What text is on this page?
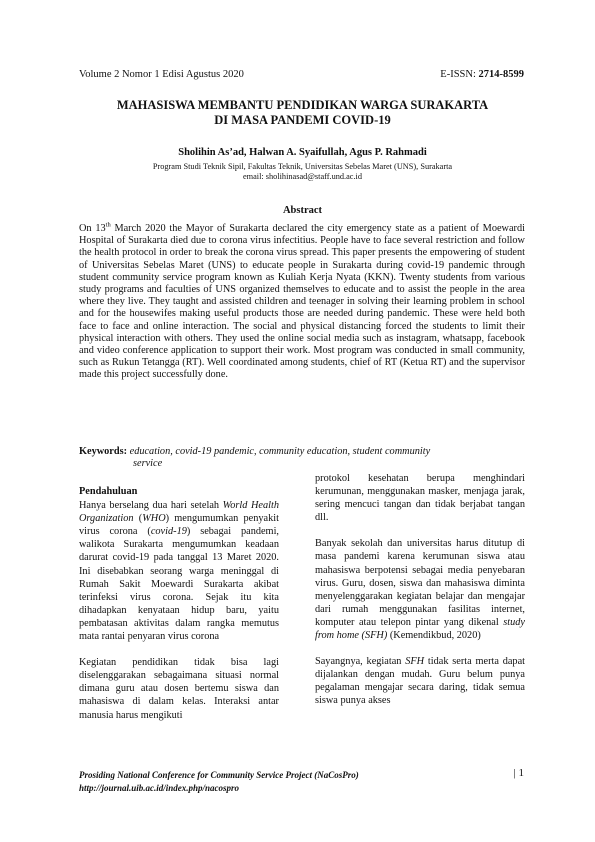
Volume 2 Nomor 1 Edisi Agustus 2020	E-ISSN: 2714-8599
MAHASISWA MEMBANTU PENDIDIKAN WARGA SURAKARTA
DI MASA PANDEMI COVID-19
Sholihin As’ad, Halwan A. Syaifullah, Agus P. Rahmadi
Program Studi Teknik Sipil, Fakultas Teknik, Universitas Sebelas Maret (UNS), Surakarta
email: sholihinasad@staff.und.ac.id
Abstract
On 13th March 2020 the Mayor of Surakarta declared the city emergency state as a patient of Moewardi Hospital of Surakarta died due to corona virus infectitius. People have to face several restriction and follow the health protocol in order to break the corona virus spread. This paper presents the empowering of student of Universitas Sebelas Maret (UNS) to educate people in Surakarta during covid-19 pandemic through student community service program known as Kuliah Kerja Nyata (KKN). Twenty students from various study programs and faculties of UNS organized themselves to educate and to assist the people in the area where they live. They taught and assisted children and teenager in solving their learning problem in school and for the housewifes making useful products those are needed during pandemic. These were held both face to face and online interaction. The social and physical distancing forced the students to limit their physical interaction with others. They used the online social media such as instagram, whatsapp, facebook and video conference application to support their work. Most program was conducted in small community, such as Rukun Tetangga (RT). Well coordinated among students, chief of RT (Ketua RT) and the supervisor made this project successfully done.
Keywords: education, covid-19 pandemic, community education, student community
service
Pendahuluan

Hanya berselang dua hari setelah World Health Organization (WHO) mengumumkan penyakit virus corona (covid-19) sebagai pandemi, walikota Surakarta mengumumkan keadaan darurat covid-19 pada tanggal 13 Maret 2020. Ini disebabkan seorang warga meninggal di Rumah Sakit Moewardi Surakarta akibat terinfeksi virus corona. Sejak itu kita dihadapkan kenyataan hidup baru, yaitu pembatasan aktivitas dalam rangka memutus mata rantai penyaran virus corona

Kegiatan pendidikan tidak bisa lagi diselenggarakan sebagaimana situasi normal dimana guru atau dosen bertemu siswa dan mahasiswa di dalam kelas. Interaksi antar manusia harus mengikuti

protokol kesehatan berupa menghindari kerumunan, menggunakan masker, menjaga jarak, sering mencuci tangan dan tidak berjabat tangan dll.

Banyak sekolah dan universitas harus ditutup di masa pandemi karena kerumunan siswa atau mahasiswa berpotensi sebagai media penyebaran virus. Guru, dosen, siswa dan mahasiswa diminta menyelenggarakan kegiatan belajar dan mengajar dari rumah menggunakan fasilitas internet, komputer atau telepon pintar yang dikenal study from home (SFH) (Kemendikbud, 2020)

Sayangnya, kegiatan SFH tidak serta merta dapat dijalankan dengan mudah. Guru belum punya pegalaman mengajar secara daring, tidak semua siswa punya akses

Prosiding National Conference for Community Service Project (NaCosPro)
http://journal.uib.ac.id/index.php/nacospro
| 1
